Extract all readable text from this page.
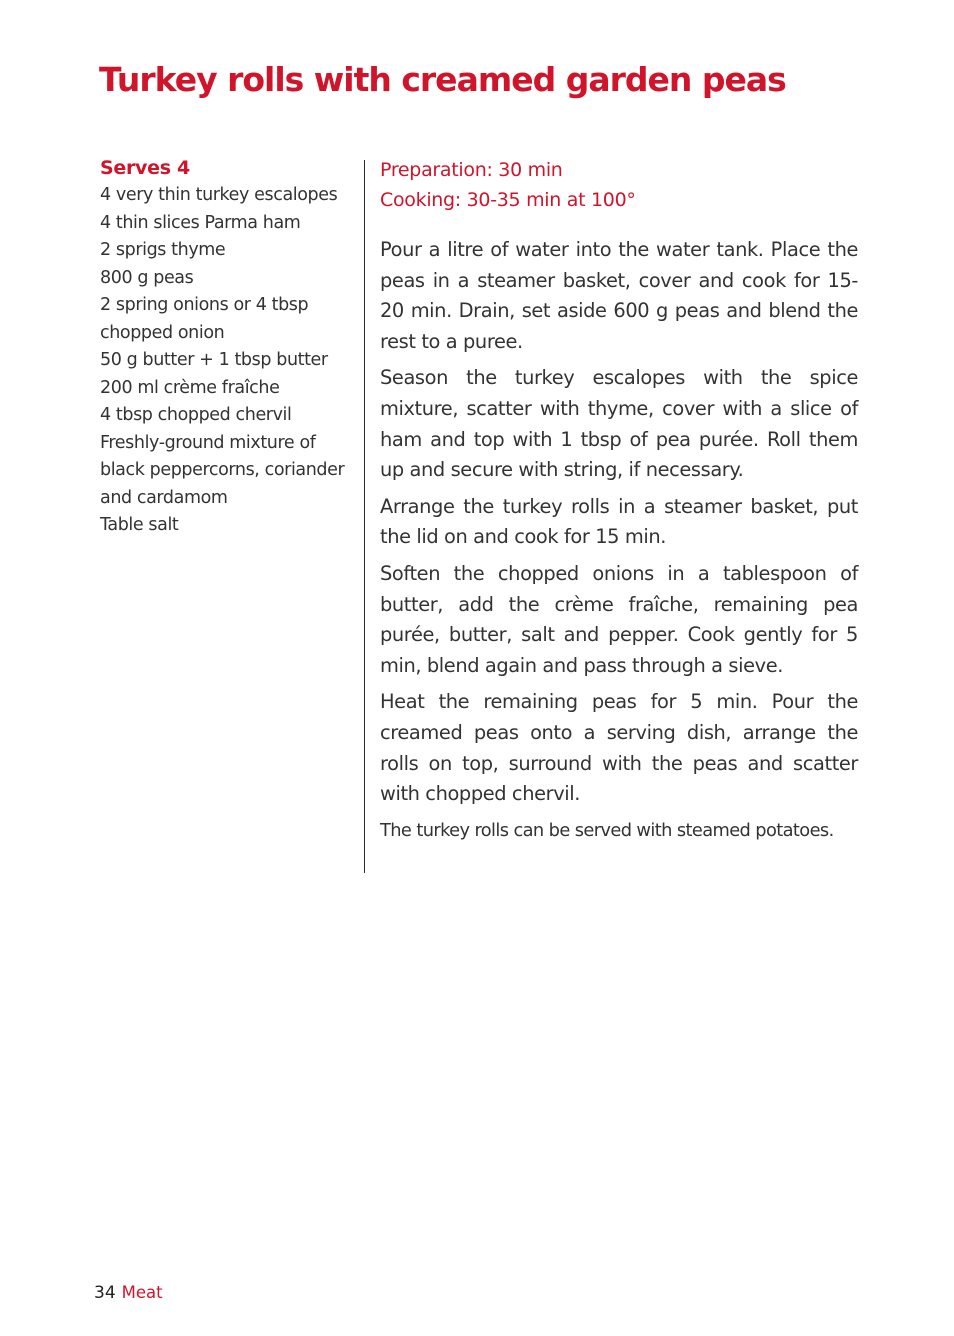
Turkey rolls with creamed garden peas

Serves 4

4 very thin turkey escalopes
4 thin slices Parma ham
2 sprigs thyme
800 g peas
2 spring onions or 4 tbsp
chopped onion
50 g butter + 1 tbsp butter
200 ml crème fraîche
4 tbsp chopped chervil
Freshly-ground mixture of
black peppercorns, coriander
and cardamom
Table salt

Preparation: 30 min

Cooking: 30-35 min at 100°

Pour a litre of water into the water tank. Place the peas in a steamer basket, cover and cook for 15-20 min. Drain, set aside 600 g peas and blend the rest to a puree.

Season the turkey escalopes with the spice mixture, scatter with thyme, cover with a slice of ham and top with 1 tbsp of pea purée. Roll them up and secure with string, if necessary.

Arrange the turkey rolls in a steamer basket, put the lid on and cook for 15 min.

Soften the chopped onions in a tablespoon of butter, add the crème fraîche, remaining pea purée, butter, salt and pepper. Cook gently for 5 min, blend again and pass through a sieve.

Heat the remaining peas for 5 min. Pour the creamed peas onto a serving dish, arrange the rolls on top, surround with the peas and scatter with chopped chervil.

The turkey rolls can be served with steamed potatoes.

34 Meat
